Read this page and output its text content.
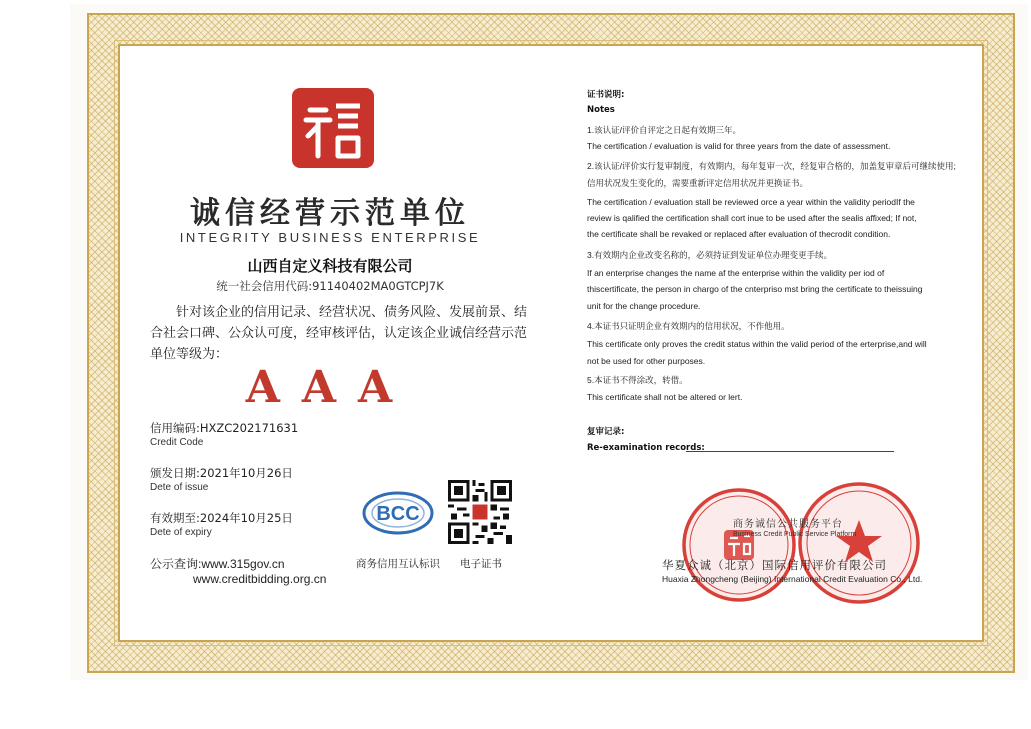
诚信经营示范单位
INTEGRITY BUSINESS ENTERPRISE
山西自定义科技有限公司
统一社会信用代码:91140402MA0GTCPJ7K
针对该企业的信用记录、经营状况、债务风险、发展前景、结合社会口碑、公众认可度，经审核评估，认定该企业诚信经营示范单位等级为：
AAA
信用编码:HXZC202171631
Credit Code
颁发日期:2021年10月26日
Dete of issue
有效期至:2024年10月25日
Dete of expiry
公示查询:www.315gov.cn
www.creditbidding.org.cn
BCC
商务信用互认标识 电子证书
证书说明:
Notes
1.该认证/评价自评定之日起有效期三年。
The certification / evaluation is valid for three years from the date of assessment.
2.该认证/评价实行复审制度，有效期内，每年复审一次，经复审合格的，加盖复审章后可继续使用;
信用状况发生变化的，需要重新评定信用状况并更换证书。
The certification / evaluation stall be reviewed orce a year within the validity periodIf the
review is qalified the certification shall cort inue to be used after the sealis affixed; If not,
the certificate shall be revaked or replaced after evaluation of thecrodit condition.
3.有效期内企业改变名称的，必须持证到发证单位办理变更手续。
If an enterprise changes the name af the enterprise within the validity per iod of
thiscertificate, the person in chargo of the cnterpriso mst bring the certificate to theissuing
unit for the change procedure.
4.本证书只证明企业有效期内的信用状况，不作他用。
This certificate only proves the credit status within the valid period of the erterprise,and will
not be used for other purposes.
5.本证书不得涂改，转借。
This certificate shall not be altered or lert.
复审记录:
Re-examination records:
商务诚信公共服务平台
Business Credit Public Service Platform
华夏众诚（北京）国际信用评价有限公司
Huaxia Zhongcheng (Beijing) International Credit Evaluation Co., Ltd.
